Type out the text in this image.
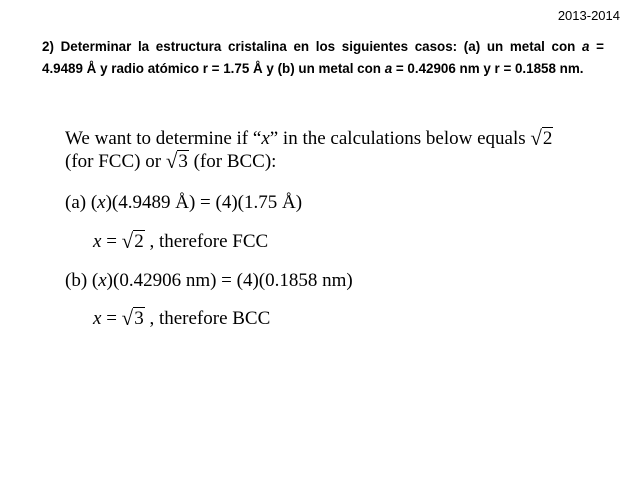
2013-2014
2) Determinar la estructura cristalina en los siguientes casos: (a) un metal con a = 4.9489 Å y radio atómico r = 1.75 Å y (b) un metal con a = 0.42906 nm y r = 0.1858 nm.
We want to determine if “x” in the calculations below equals √2
(for FCC) or √3 (for BCC):
(a) (x)(4.9489 Å) = (4)(1.75 Å)
x = √2 , therefore FCC
(b) (x)(0.42906 nm) = (4)(0.1858 nm)
x = √3 , therefore BCC
